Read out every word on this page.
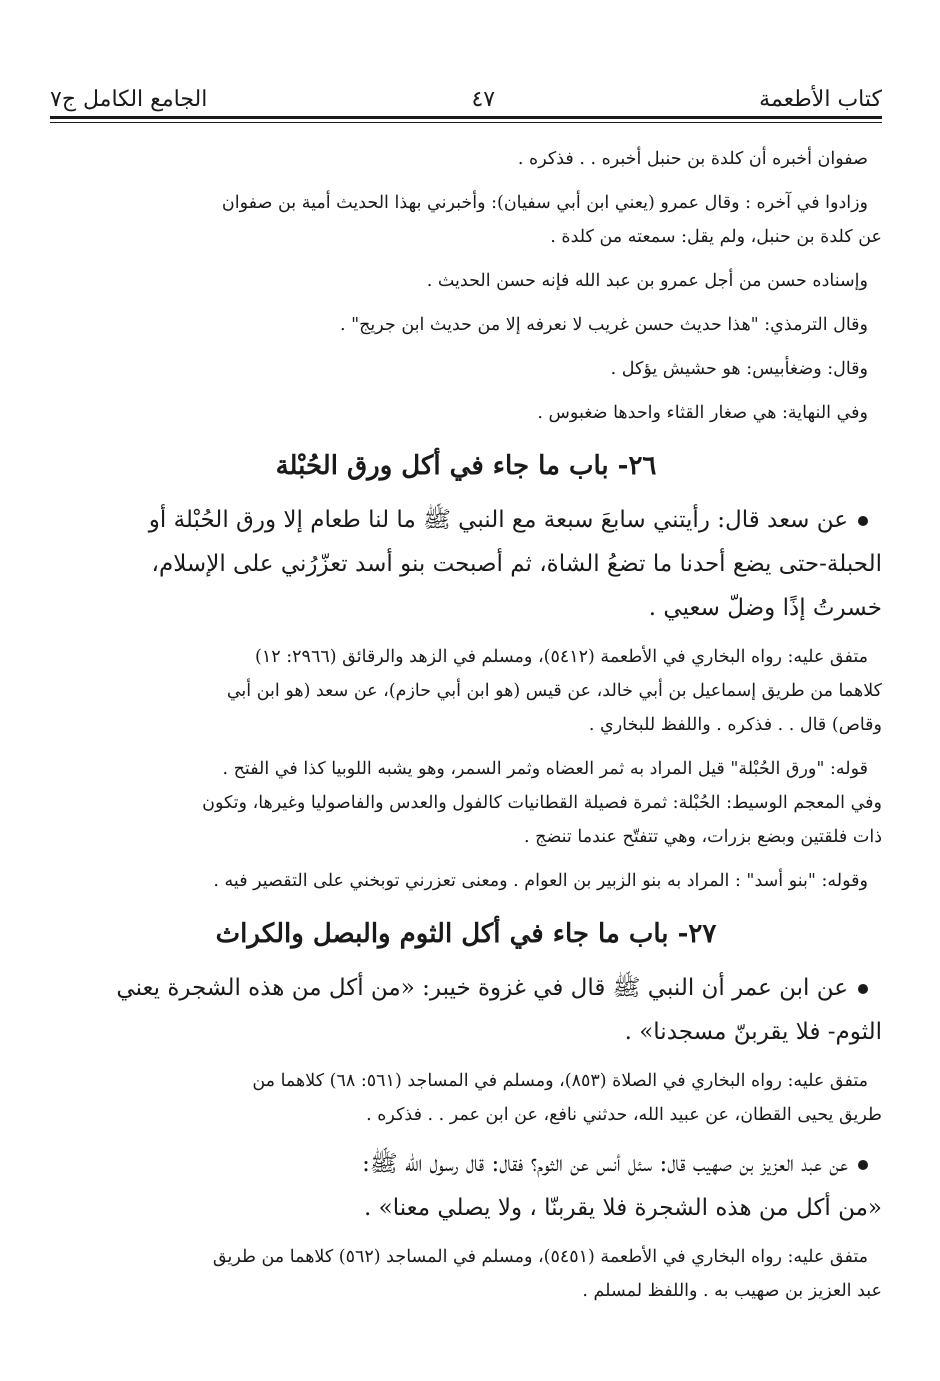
كتاب الأطعمة
٤٧
الجامع الكامل ج٧
صفوان أخبره أن كلدة بن حنبل أخبره . . فذكره .
وزادوا في آخره : وقال عمرو (يعني ابن أبي سفيان): وأخبرني بهذا الحديث أمية بن صفوان
عن كلدة بن حنبل، ولم يقل: سمعته من كلدة .
وإسناده حسن من أجل عمرو بن عبد الله فإنه حسن الحديث .
وقال الترمذي: "هذا حديث حسن غريب لا نعرفه إلا من حديث ابن جريج" .
وقال: وضغأبيس: هو حشيش يؤكل .
وفي النهاية: هي صغار القثاء واحدها ضغبوس .
٢٦- باب ما جاء في أكل ورق الحُبْلة
عن سعد قال: رأيتني سابعَ سبعة مع النبي ﷺ ما لنا طعام إلا ورق الحُبْلة أو
الحبلة-حتى يضع أحدنا ما تضعُ الشاة، ثم أصبحت بنو أسد تعزّرُني على الإسلام،
خسرتُ إذًا وضلّ سعيي .
متفق عليه: رواه البخاري في الأطعمة (٥٤١٢)، ومسلم في الزهد والرقائق (٢٩٦٦: ١٢)
كلاهما من طريق إسماعيل بن أبي خالد، عن قيس (هو ابن أبي حازم)، عن سعد (هو ابن أبي
وقاص) قال . . فذكره . واللفظ للبخاري .
قوله: "ورق الحُبْلة" قيل المراد به ثمر العضاه وثمر السمر، وهو يشبه اللوبيا كذا في الفتح .
وفي المعجم الوسيط: الحُبْلة: ثمرة فصيلة القطانيات كالفول والعدس والفاصوليا وغيرها، وتكون
ذات فلقتين وبضع بزرات، وهي تتفتّح عندما تنضج .
وقوله: "بنو أسد" : المراد به بنو الزبير بن العوام . ومعنى تعزرني توبخني على التقصير فيه .
٢٧- باب ما جاء في أكل الثوم والبصل والكراث
عن ابن عمر أن النبي ﷺ قال في غزوة خيبر: «من أكل من هذه الشجرة يعني
الثوم- فلا يقربنّ مسجدنا» .
متفق عليه: رواه البخاري في الصلاة (٨٥٣)، ومسلم في المساجد (٥٦١: ٦٨) كلاهما من
طريق يحيى القطان، عن عبيد الله، حدثني نافع، عن ابن عمر . . فذكره .
عن عبد العزيز بن صهيب قال: سئل أنس عن الثوم؟ فقال: قال رسول الله ﷺ:
«من أكل من هذه الشجرة فلا يقربنّا ، ولا يصلي معنا» .
متفق عليه: رواه البخاري في الأطعمة (٥٤٥١)، ومسلم في المساجد (٥٦٢) كلاهما من طريق
عبد العزيز بن صهيب به . واللفظ لمسلم .
